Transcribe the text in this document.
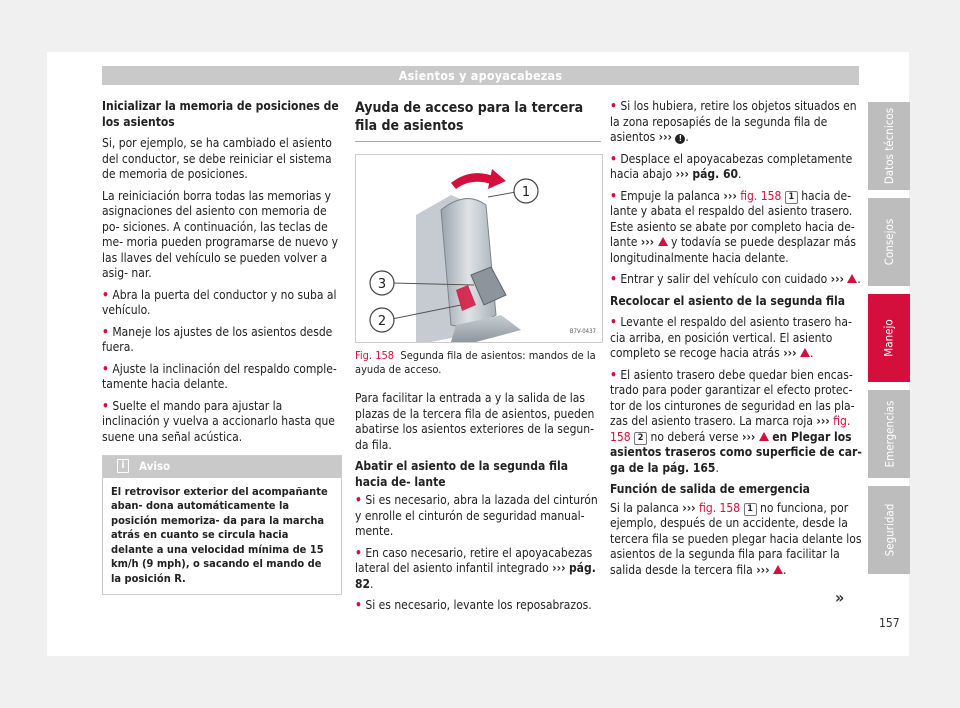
Asientos y apoyacabezas

Inicializar la memoria de posiciones de los asientos

Si, por ejemplo, se ha cambiado el asiento del conductor, se debe reiniciar el sistema de memoria de posiciones.

La reiniciación borra todas las memorias y asignaciones del asiento con memoria de po- siciones. A continuación, las teclas de me- moria pueden programarse de nuevo y las llaves del vehículo se pueden volver a asig- nar.

• Abra la puerta del conductor y no suba al vehículo.

• Maneje los ajustes de los asientos desde fuera.

• Ajuste la inclinación del respaldo comple- tamente hacia delante.

• Suelte el mando para ajustar la inclinación y vuelva a accionarlo hasta que suene una señal acústica.

i	Aviso
El retrovisor exterior del acompañante aban- dona automáticamente la posición memoriza- da para la marcha atrás en cuanto se circula hacia delante a una velocidad mínima de 15 km/h (9 mph), o sacando el mando de la posición R.
Ayuda de acceso para la tercera fila de asientos
1
3
2
B7V-0437
Fig. 158 Segunda fila de asientos: mandos de la ayuda de acceso.

Para facilitar la entrada a y la salida de las plazas de la tercera fila de asientos, pueden abatirse los asientos exteriores de la segun- da fila.

Abatir el asiento de la segunda fila hacia de- lante

• Si es necesario, abra la lazada del cinturón y enrolle el cinturón de seguridad manual- mente.

• En caso necesario, retire el apoyacabezas lateral del asiento infantil integrado ››› pág. 82.

• Si es necesario, levante los reposabrazos.

• Si los hubiera, retire los objetos situados en la zona reposapiés de la segunda fila de asientos ››› ! .

• Desplace el apoyacabezas completamente hacia abajo ››› pág. 60.

• Empuje la palanca ››› fig. 158 1 hacia de- lante y abata el respaldo del asiento trasero. Este asiento se abate por completo hacia de- lante ››› y todavía se puede desplazar más longitudinalmente hacia delante.

• Entrar y salir del vehículo con cuidado ››› .

Recolocar el asiento de la segunda fila

• Levante el respaldo del asiento trasero ha- cia arriba, en posición vertical. El asiento completo se recoge hacia atrás ››› .

• El asiento trasero debe quedar bien encas- trado para poder garantizar el efecto protec- tor de los cinturones de seguridad en las pla- zas del asiento trasero. La marca roja ››› fig. 158 2 no deberá verse ››› en Plegar los asientos traseros como superficie de car- ga de la pág. 165.

Función de salida de emergencia

Si la palanca ››› fig. 158 1 no funciona, por ejemplo, después de un accidente, desde la tercera fila se pueden plegar hacia delante los asientos de la segunda fila para facilitar la salida desde la tercera fila ››› .

»
Datos técnicos
Consejos
Manejo
Emergencias
Seguridad
157
